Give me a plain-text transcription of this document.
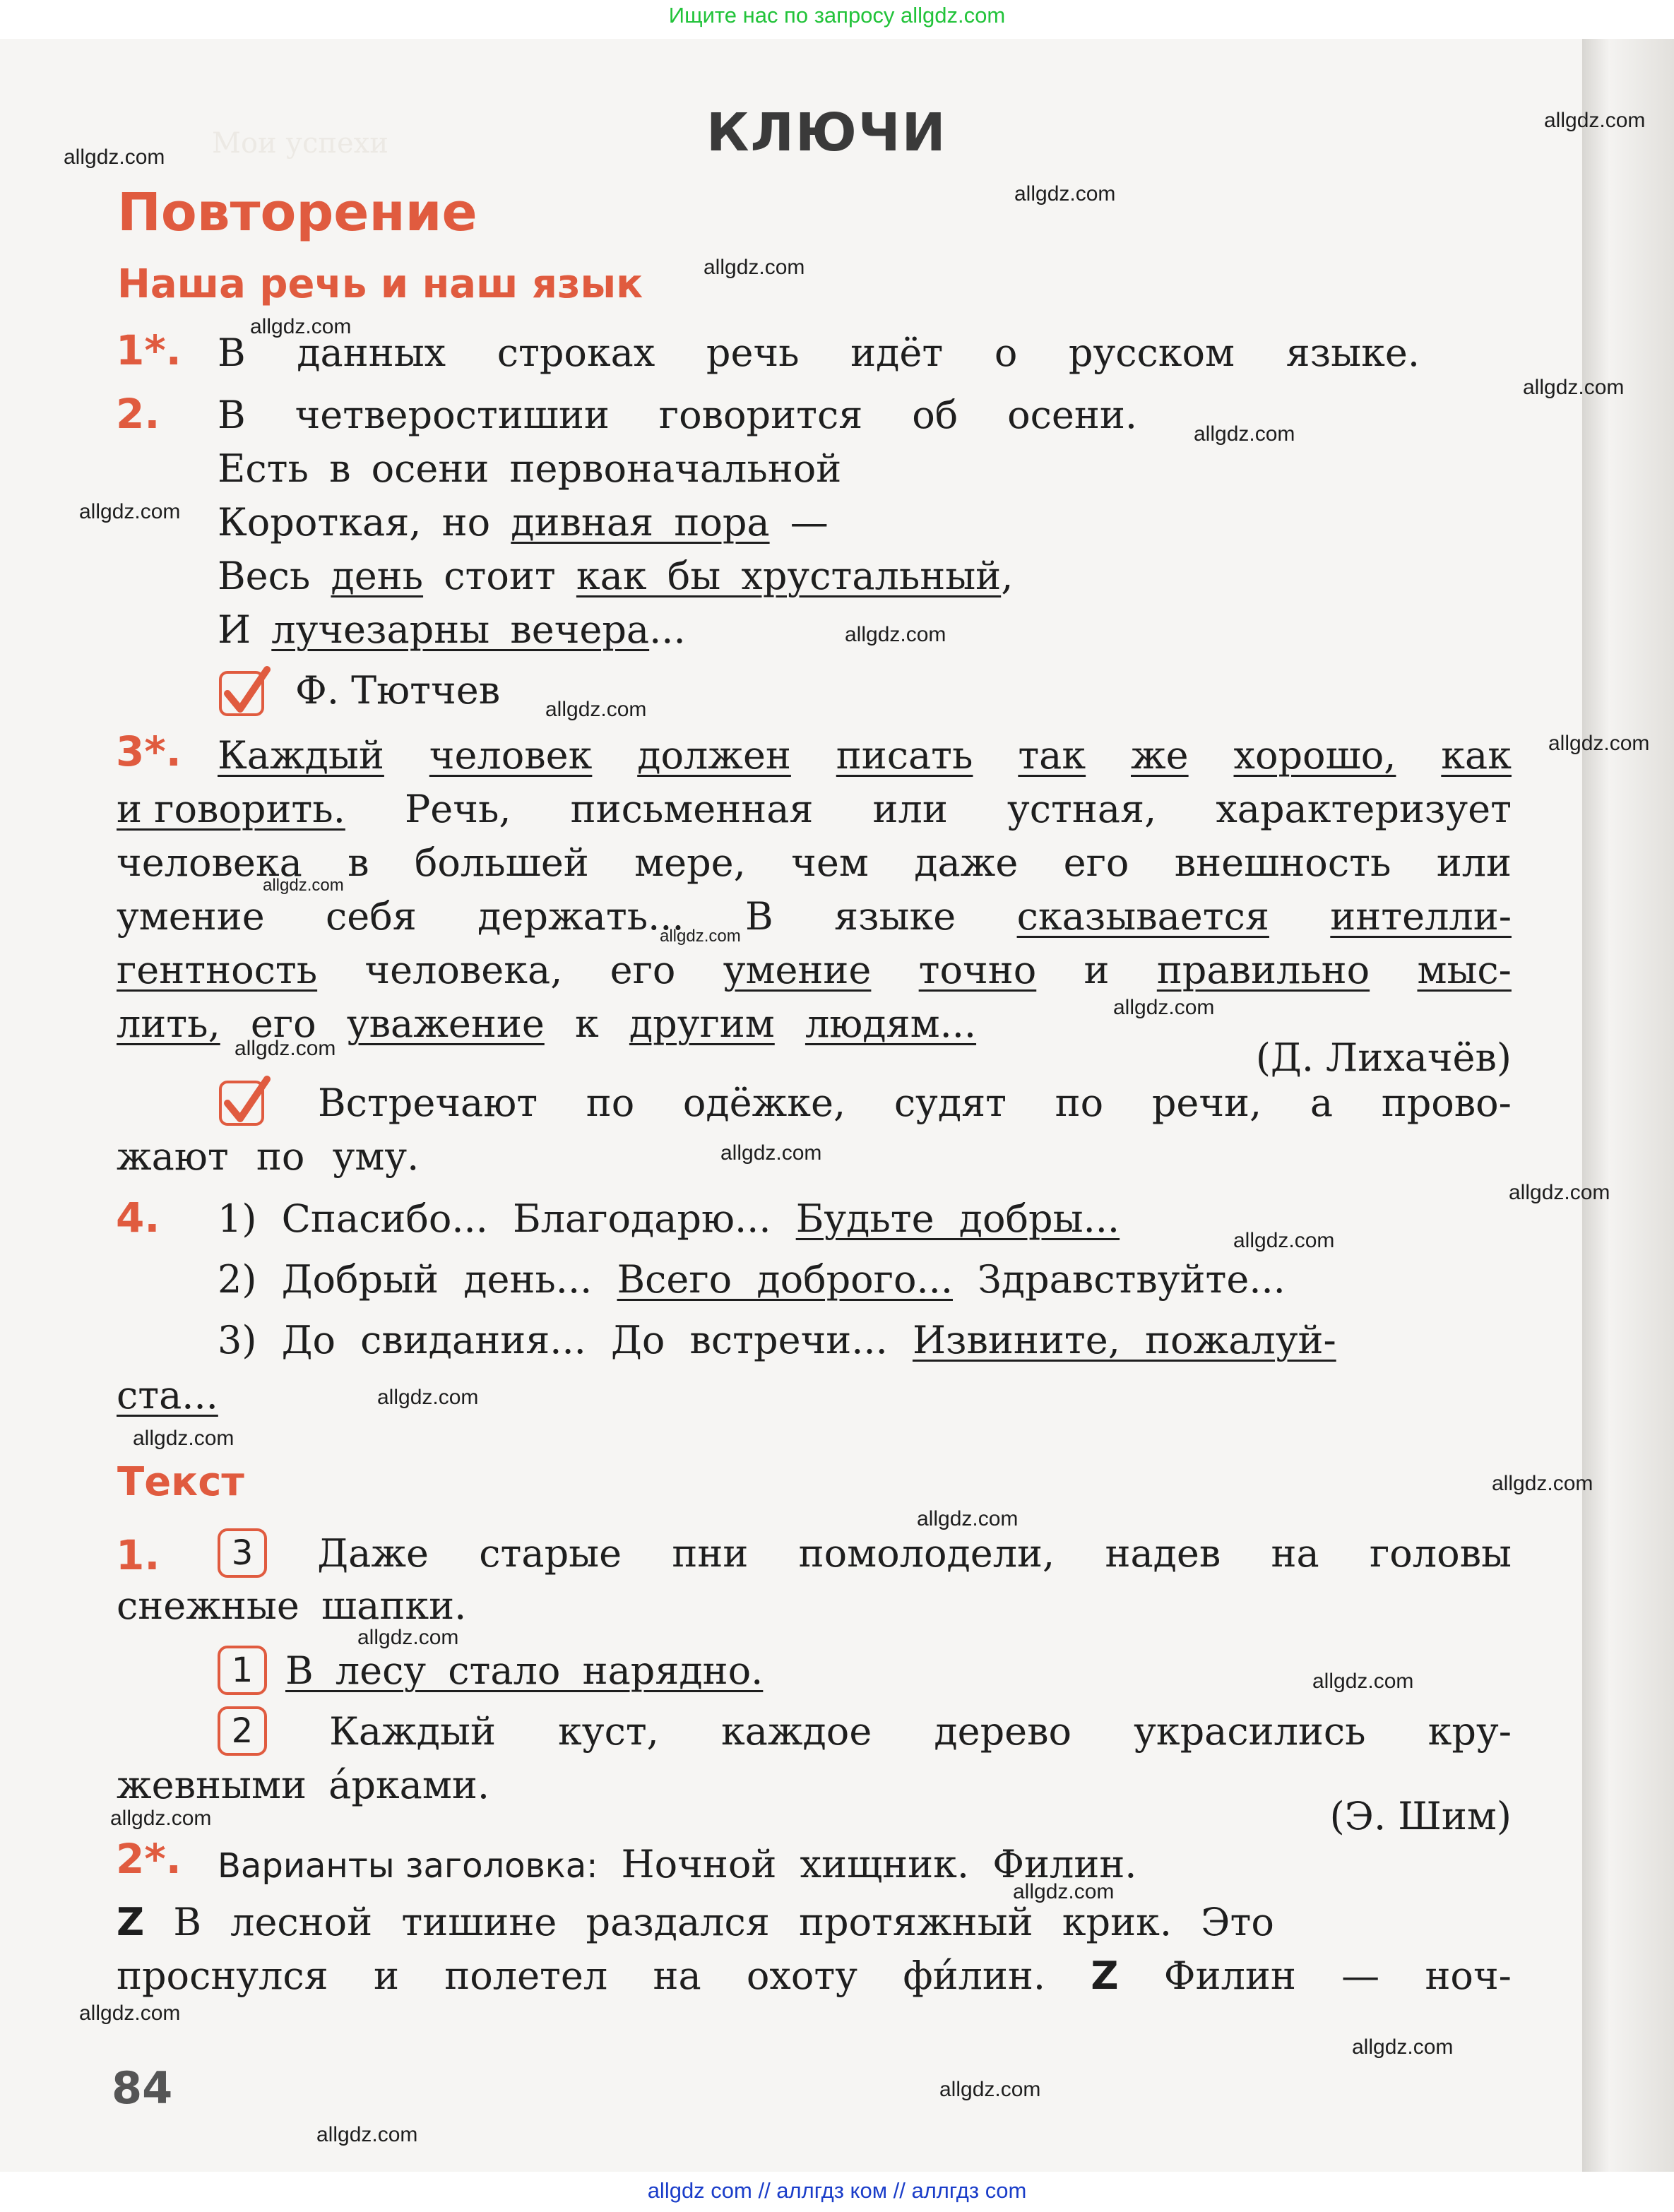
Мои успехи
Ищите нас по запросу allgdz.com
КЛЮЧИ
Повторение
Наша речь и наш язык
1*. В данных строках речь идёт о русском языке.
2. В четверостишии говорится об осени.
Есть в осени первоначальной
Короткая, но дивная пора —
Весь день стоит как бы хрустальный,
И лучезарны вечера...
Ф. Тютчев
3*. Каждый человек должен писать так же хорошо, как
и говорить. Речь, письменная или устная, характеризует
человека в большей мере, чем даже его внешность или
умение себя держать... В языке сказывается интелли-
гентность человека, его умение точно и правильно мыс-
лить, его уважение к другим людям...
(Д. Лихачёв)
Встречают по одёжке, судят по речи, а прово-
жают по уму.
4. 1) Спасибо... Благодарю... Будьте добры...
2) Добрый день... Всего доброго... Здравствуйте...
3) До свидания... До встречи... Извините, пожалуй-
ста...
Текст
1.	3	Даже старые пни помолодели, надев на головы
снежные шапки.
1 В лесу стало нарядно.
2	Каждый куст, каждое дерево украсились кру-
жевными а́рками.
(Э. Шим)
2*. Варианты заголовка: Ночной хищник. Филин.
Z В лесной тишине раздался протяжный крик. Это
проснулся и полетел на охоту фи́лин. Z Филин — ноч-
84
allgdz.com
allgdz.com
allgdz.com
allgdz.com
allgdz.com
allgdz.com
allgdz.com
allgdz.com
allgdz.com
allgdz.com
allgdz.com
allgdz.com
allgdz.com
allgdz.com
allgdz.com
allgdz.com
allgdz.com
allgdz.com
allgdz.com
allgdz.com
allgdz.com
allgdz.com
allgdz.com
allgdz.com
allgdz.com
allgdz.com
allgdz.com
allgdz.com
allgdz.com
allgdz.com
allgdz com // аллгдз ком // аллгдз com
